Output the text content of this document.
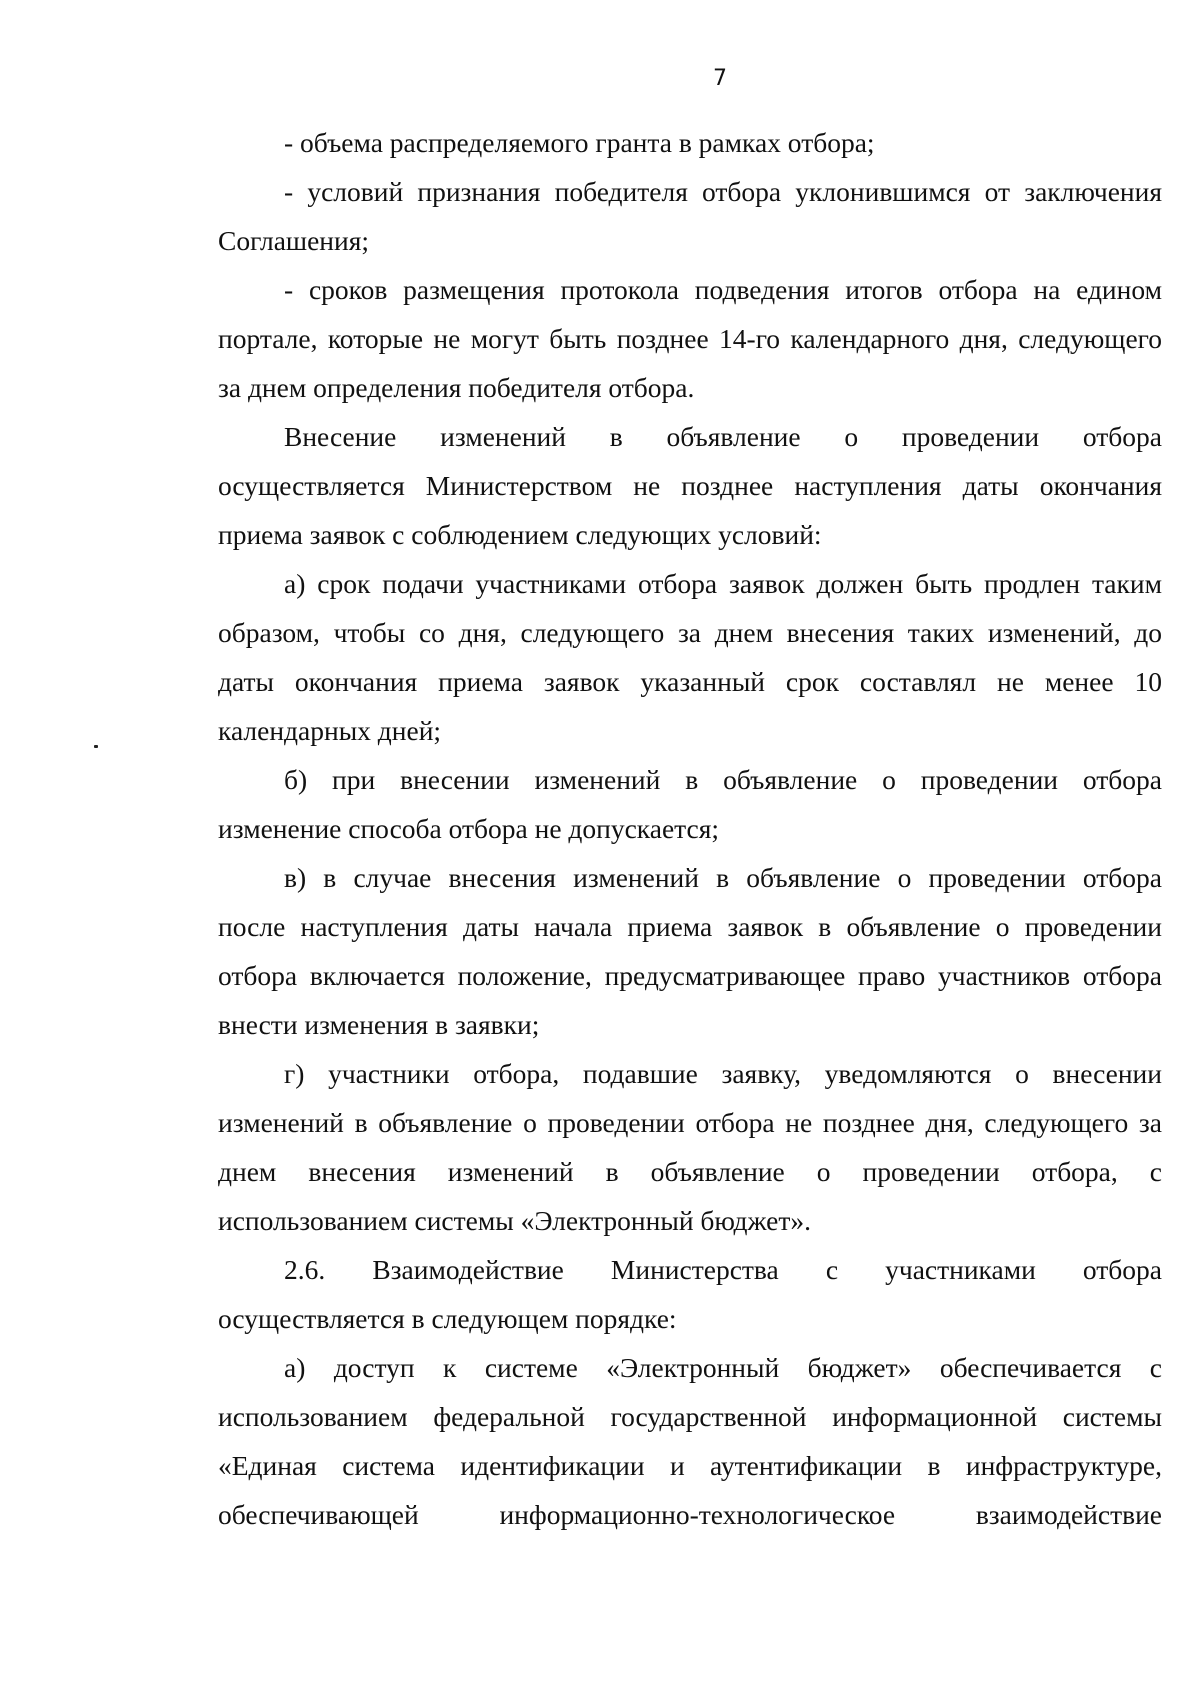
7
- объема распределяемого гранта в рамках отбора;
- условий признания победителя отбора уклонившимся от заключения
Соглашения;
- сроков размещения протокола подведения итогов отбора на едином
портале, которые не могут быть позднее 14-го календарного дня, следующего
за днем определения победителя отбора.
Внесение изменений в объявление о проведении отбора
осуществляется Министерством не позднее наступления даты окончания
приема заявок с соблюдением следующих условий:
а) срок подачи участниками отбора заявок должен быть продлен таким
образом, чтобы со дня, следующего за днем внесения таких изменений, до
даты окончания приема заявок указанный срок составлял не менее 10
календарных дней;
б) при внесении изменений в объявление о проведении отбора
изменение способа отбора не допускается;
в) в случае внесения изменений в объявление о проведении отбора
после наступления даты начала приема заявок в объявление о проведении
отбора включается положение, предусматривающее право участников отбора
внести изменения в заявки;
г) участники отбора, подавшие заявку, уведомляются о внесении
изменений в объявление о проведении отбора не позднее дня, следующего за
днем внесения изменений в объявление о проведении отбора, с
использованием системы «Электронный бюджет».
2.6. Взаимодействие Министерства с участниками отбора
осуществляется в следующем порядке:
а) доступ к системе «Электронный бюджет» обеспечивается с
использованием федеральной государственной информационной системы
«Единая система идентификации и аутентификации в инфраструктуре,
обеспечивающей информационно-технологическое взаимодействие
